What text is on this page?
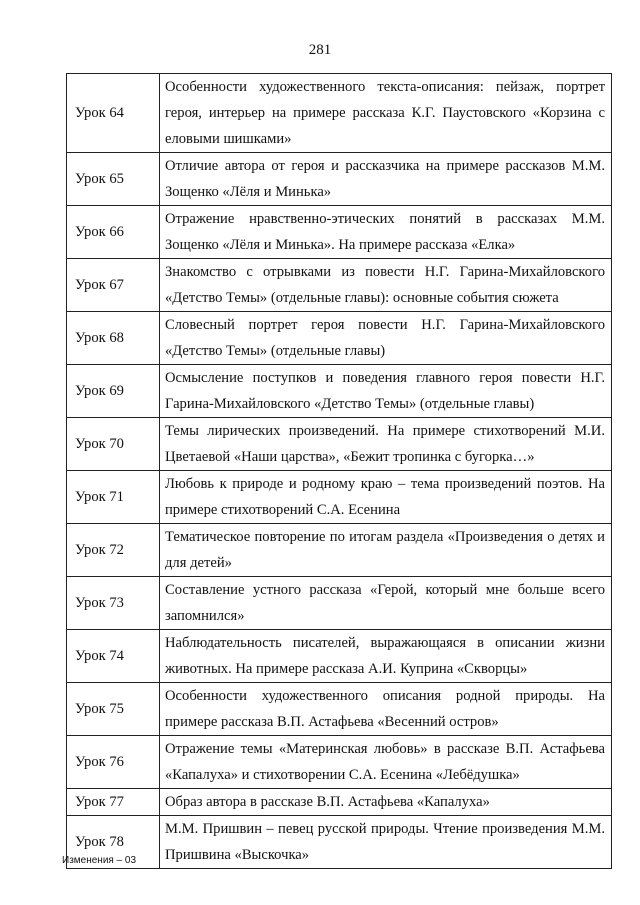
281
Урок 64	Особенности художественного текста-описания: пейзаж, портрет героя, интерьер на примере рассказа К.Г. Паустовского «Корзина с еловыми шишками»
Урок 65	Отличие автора от героя и рассказчика на примере рассказов М.М. Зощенко «Лёля и Минька»
Урок 66	Отражение нравственно-этических понятий в рассказах М.М. Зощенко «Лёля и Минька». На примере рассказа «Елка»
Урок 67	Знакомство с отрывками из повести Н.Г. Гарина-Михайловского «Детство Темы» (отдельные главы): основные события сюжета
Урок 68	Словесный портрет героя повести Н.Г. Гарина-Михайловского «Детство Темы» (отдельные главы)
Урок 69	Осмысление поступков и поведения главного героя повести Н.Г. Гарина-Михайловского «Детство Темы» (отдельные главы)
Урок 70	Темы лирических произведений. На примере стихотворений М.И. Цветаевой «Наши царства», «Бежит тропинка с бугорка…»
Урок 71	Любовь к природе и родному краю – тема произведений поэтов. На примере стихотворений С.А. Есенина
Урок 72	Тематическое повторение по итогам раздела «Произведения о детях и для детей»
Урок 73	Составление устного рассказа «Герой, который мне больше всего запомнился»
Урок 74	Наблюдательность писателей, выражающаяся в описании жизни животных. На примере рассказа А.И. Куприна «Скворцы»
Урок 75	Особенности художественного описания родной природы. На примере рассказа В.П. Астафьева «Весенний остров»
Урок 76	Отражение темы «Материнская любовь» в рассказе В.П. Астафьева «Капалуха» и стихотворении С.А. Есенина «Лебёдушка»
Урок 77	Образ автора в рассказе В.П. Астафьева «Капалуха»
Урок 78	М.М. Пришвин – певец русской природы. Чтение произведения М.М. Пришвина «Выскочка»
Изменения – 03
